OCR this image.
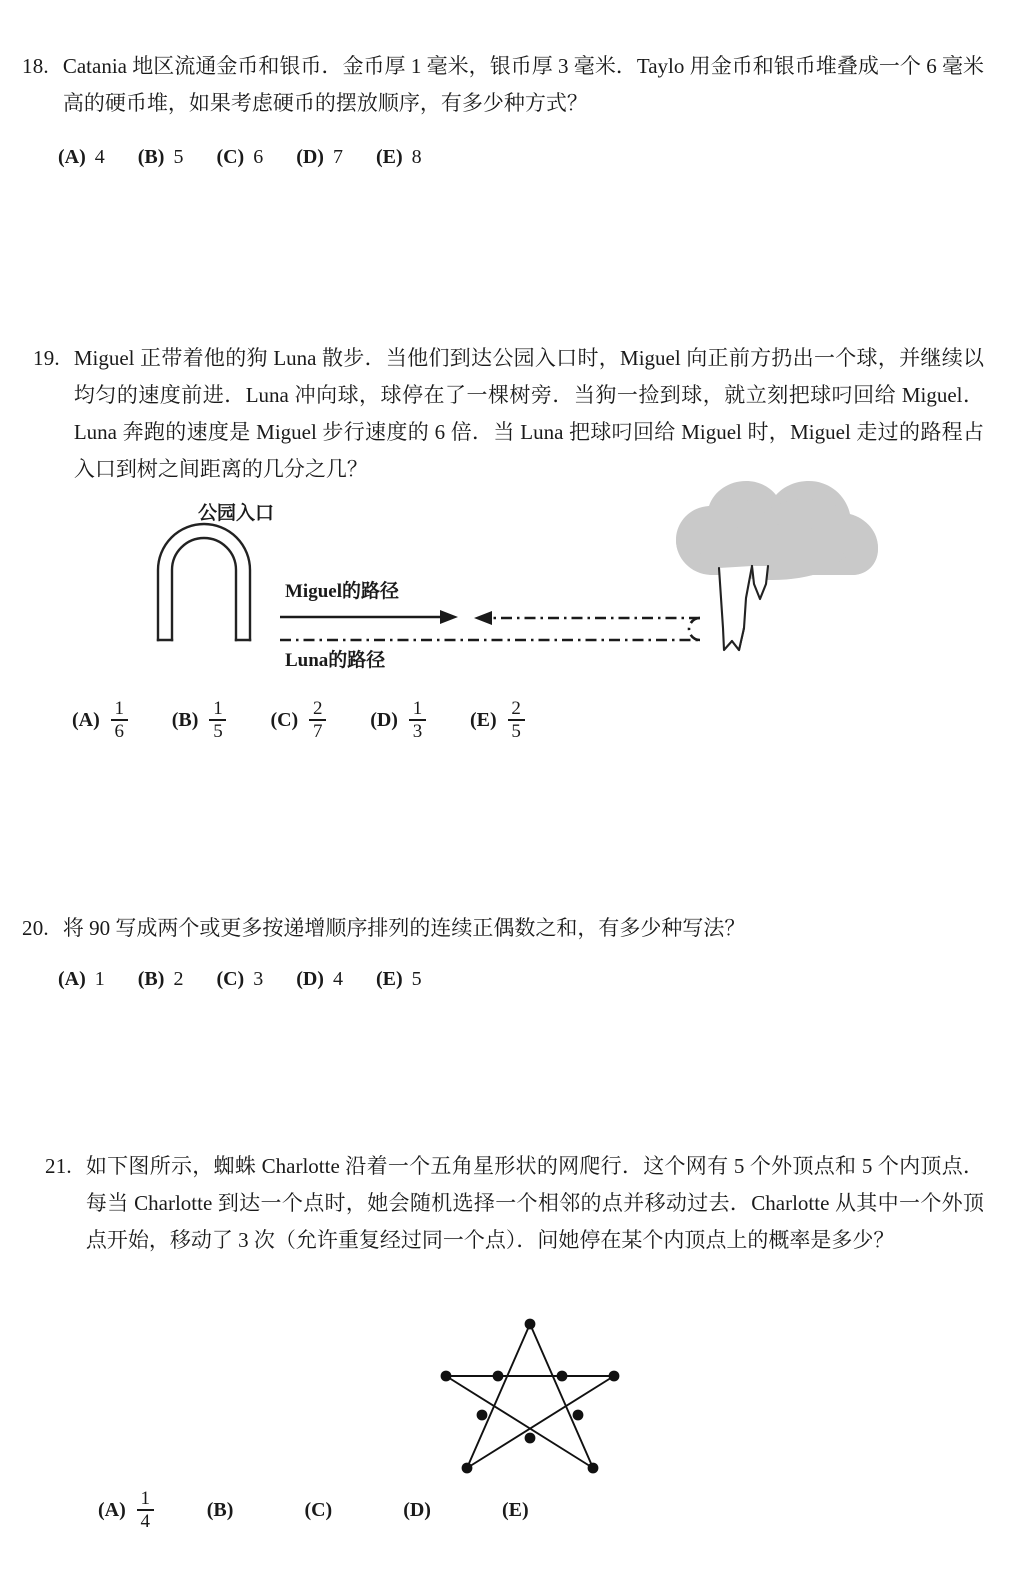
18. Catania 地区流通金币和银币．金币厚 1 毫米，银币厚 3 毫米．Taylo 用金币和银币堆叠成一个 6 毫米高的硬币堆，如果考虑硬币的摆放顺序，有多少种方式？

(A) 4 (B) 5 (C) 6 (D) 7 (E) 8
19. Miguel 正带着他的狗 Luna 散步．当他们到达公园入口时，Miguel 向正前方扔出一个球，并继续以均匀的速度前进．Luna 冲向球，球停在了一棵树旁．当狗一捡到球，就立刻把球叼回给 Miguel．Luna 奔跑的速度是 Miguel 步行速度的 6 倍．当 Luna 把球叼回给 Miguel 时，Miguel 走过的路程占入口到树之间距离的几分之几？

公园入口
Miguel的路径
Luna的路径
$(A) \frac{1}{6} (B) \frac{1}{5} (C) \frac{2}{7} (D) \frac{1}{3} (E) \frac{2}{5}$
20. 将 90 写成两个或更多按递增顺序排列的连续正偶数之和，有多少种写法？

(A) 1 (B) 2 (C) 3 (D) 4 (E) 5
21. 如下图所示，蜘蛛 Charlotte 沿着一个五角星形状的网爬行．这个网有 5 个外顶点和 5 个内顶点．每当 Charlotte 到达一个点时，她会随机选择一个相邻的点并移动过去．Charlotte 从其中一个外顶点开始，移动了 3 次（允许重复经过同一个点）．问她停在某个内顶点上的概率是多少？

$(A) \frac{1}{4}$	(B)	(C)	(D)	(E)
